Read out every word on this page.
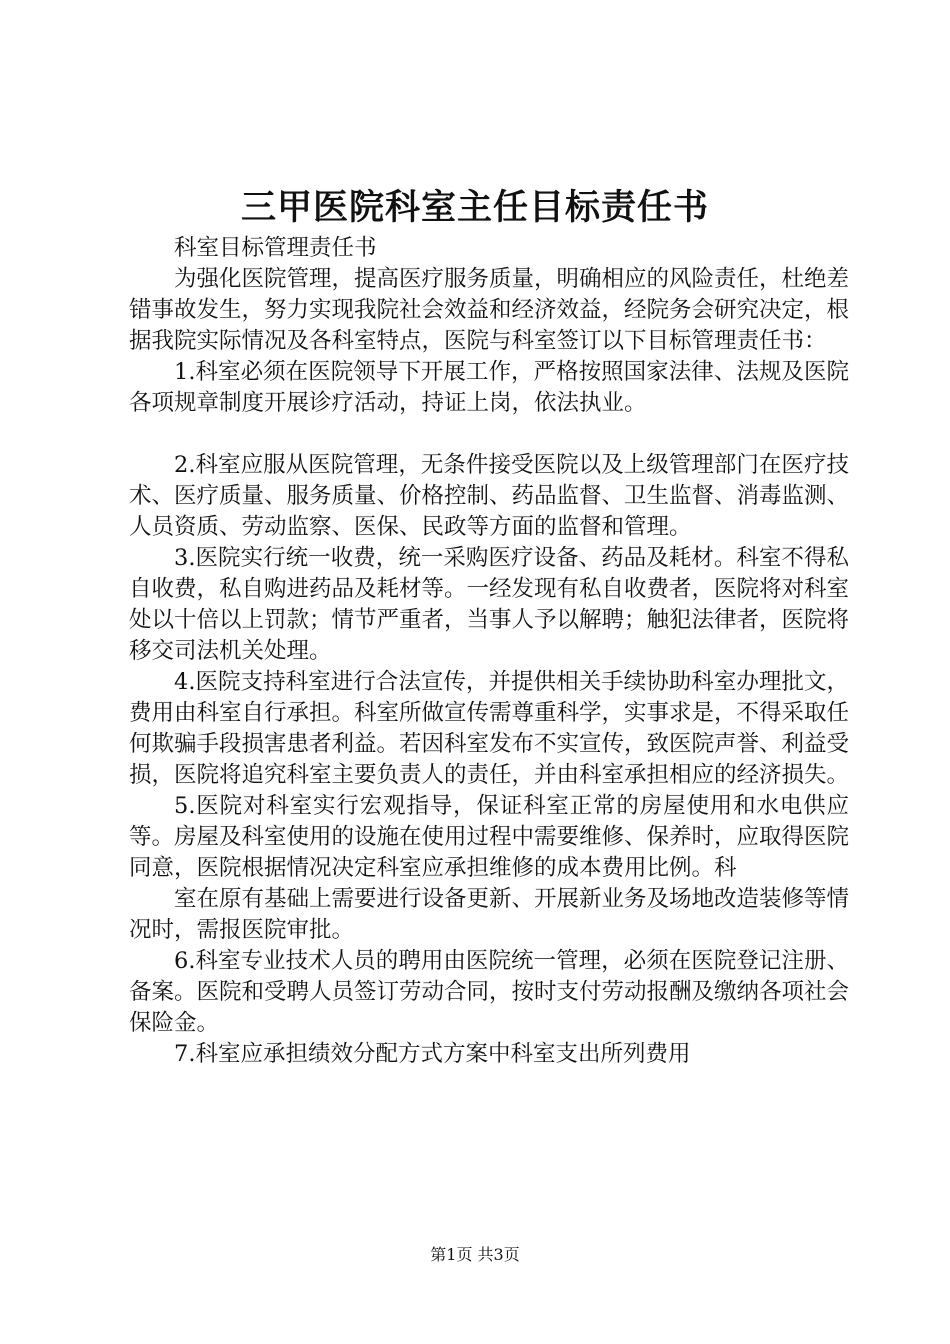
三甲医院科室主任目标责任书

科室目标管理责任书

为强化医院管理，提高医疗服务质量，明确相应的风险责任，杜绝差错事故发生，努力实现我院社会效益和经济效益，经院务会研究决定，根据我院实际情况及各科室特点，医院与科室签订以下目标管理责任书：

1.科室必须在医院领导下开展工作，严格按照国家法律、法规及医院各项规章制度开展诊疗活动，持证上岗，依法执业。

2.科室应服从医院管理，无条件接受医院以及上级管理部门在医疗技术、医疗质量、服务质量、价格控制、药品监督、卫生监督、消毒监测、人员资质、劳动监察、医保、民政等方面的监督和管理。

3.医院实行统一收费，统一采购医疗设备、药品及耗材。科室不得私自收费，私自购进药品及耗材等。一经发现有私自收费者，医院将对科室处以十倍以上罚款；情节严重者，当事人予以解聘；触犯法律者，医院将移交司法机关处理。

4.医院支持科室进行合法宣传，并提供相关手续协助科室办理批文，费用由科室自行承担。科室所做宣传需尊重科学，实事求是，不得采取任何欺骗手段损害患者利益。若因科室发布不实宣传，致医院声誉、利益受损，医院将追究科室主要负责人的责任，并由科室承担相应的经济损失。

5.医院对科室实行宏观指导，保证科室正常的房屋使用和水电供应等。房屋及科室使用的设施在使用过程中需要维修、保养时，应取得医院同意，医院根据情况决定科室应承担维修的成本费用比例。科

室在原有基础上需要进行设备更新、开展新业务及场地改造装修等情况时，需报医院审批。

6.科室专业技术人员的聘用由医院统一管理，必须在医院登记注册、备案。医院和受聘人员签订劳动合同，按时支付劳动报酬及缴纳各项社会保险金。

7.科室应承担绩效分配方式方案中科室支出所列费用

第1页 共3页
